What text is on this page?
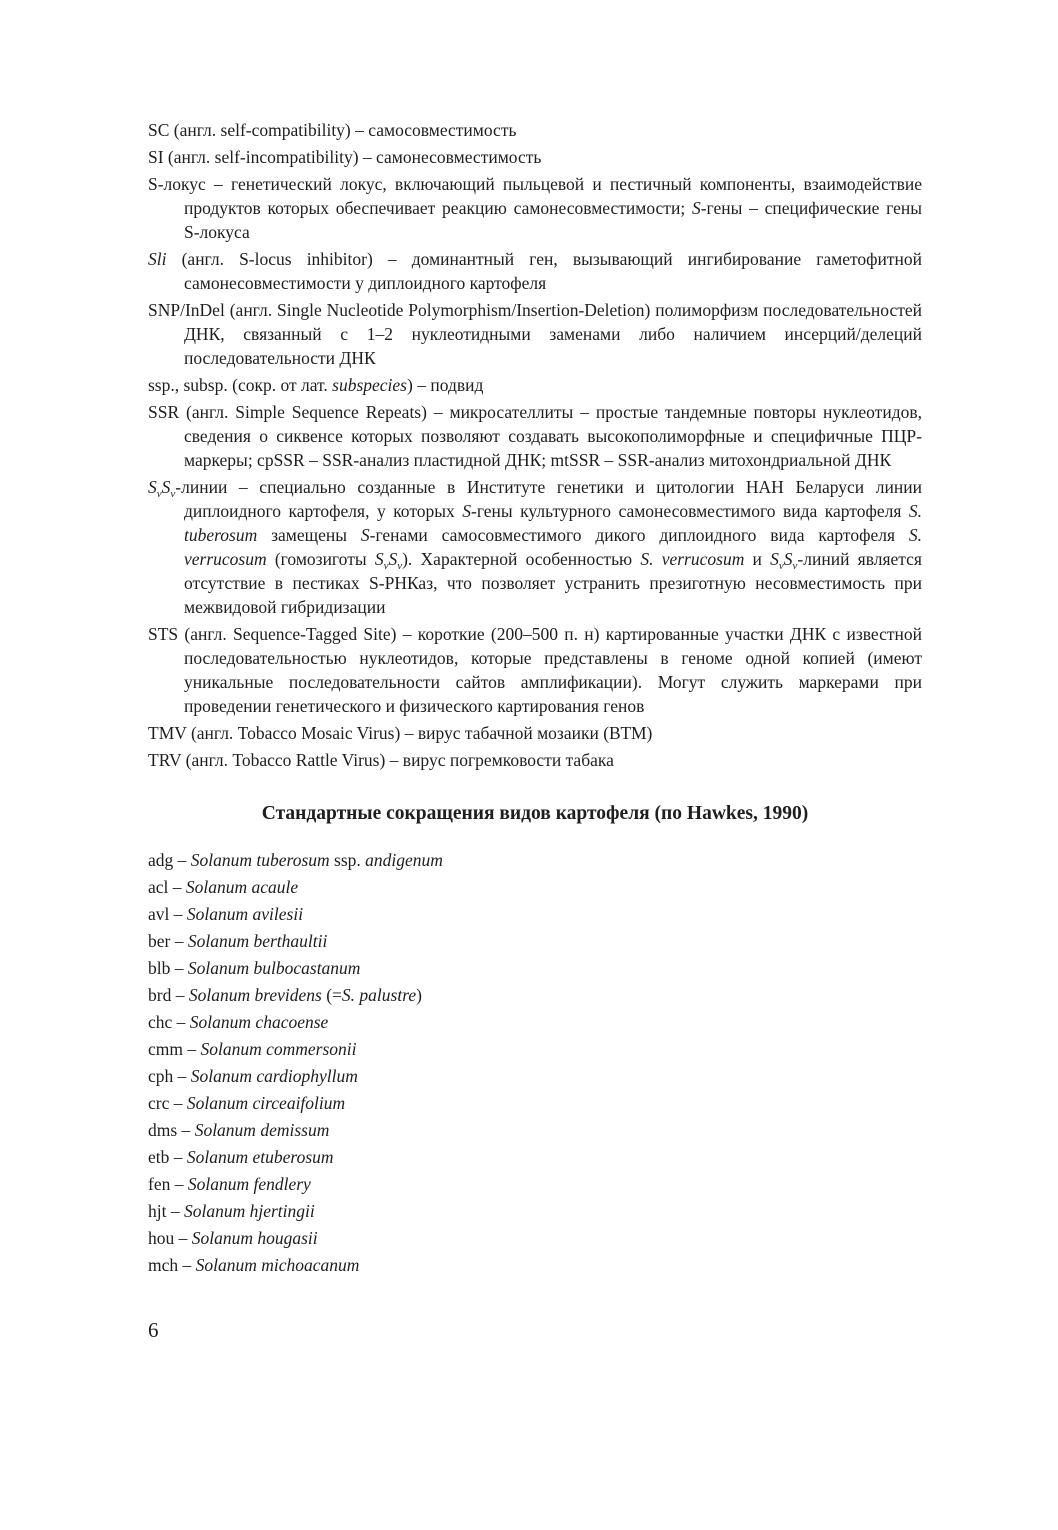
SC (англ. self-compatibility) – самосовместимость

SI (англ. self-incompatibility) – самонесовместимость

S-локус – генетический локус, включающий пыльцевой и пестичный компоненты, взаимодействие продуктов которых обеспечивает реакцию самонесовместимости; S-гены – специфические гены S-локуса

Sli (англ. S-locus inhibitor) – доминантный ген, вызывающий ингибирование гаметофитной самонесовместимости у диплоидного картофеля

SNP/InDel (англ. Single Nucleotide Polymorphism/Insertion-Deletion) полиморфизм последовательностей ДНК, связанный с 1–2 нуклеотидными заменами либо наличием инсерций/делеций последовательности ДНК

ssp., subsp. (сокр. от лат. subspecies) – подвид

SSR (англ. Simple Sequence Repeats) – микросателлиты – простые тандемные повторы нуклеотидов, сведения о сиквенсе которых позволяют создавать высокополиморфные и специфичные ПЦР-маркеры; cpSSR – SSR-анализ пластидной ДНК; mtSSR – SSR-анализ митохондриальной ДНК

$S_vS_v$-линии – специально созданные в Институте генетики и цитологии НАН Беларуси линии диплоидного картофеля, у которых S-гены культурного самонесовместимого вида картофеля S. tuberosum замещены S-генами самосовместимого дикого диплоидного вида картофеля S. verrucosum (гомозиготы $S_vS_v$). Характерной особенностью S. verrucosum и $S_vS_v$-линий является отсутствие в пестиках S-РНКаз, что позволяет устранить презиготную несовместимость при межвидовой гибридизации

STS (англ. Sequence-Tagged Site) – короткие (200–500 п. н) картированные участки ДНК с известной последовательностью нуклеотидов, которые представлены в геноме одной копией (имеют уникальные последовательности сайтов амплификации). Могут служить маркерами при проведении генетического и физического картирования генов

TMV (англ. Tobacco Mosaic Virus) – вирус табачной мозаики (ВТМ)

TRV (англ. Tobacco Rattle Virus) – вирус погремковости табака

Стандартные сокращения видов картофеля (по Hawkes, 1990)

adg – Solanum tuberosum ssp. andigenum

acl – Solanum acaule

avl – Solanum avilesii

ber – Solanum berthaultii

blb – Solanum bulbocastanum

brd – Solanum brevidens (=S. palustre)

chc – Solanum chacoense

cmm – Solanum commersonii

cph – Solanum cardiophyllum

crc – Solanum circeaifolium

dms – Solanum demissum

etb – Solanum etuberosum

fen – Solanum fendlery

hjt – Solanum hjertingii

hou – Solanum hougasii

mch – Solanum michoacanum

6
